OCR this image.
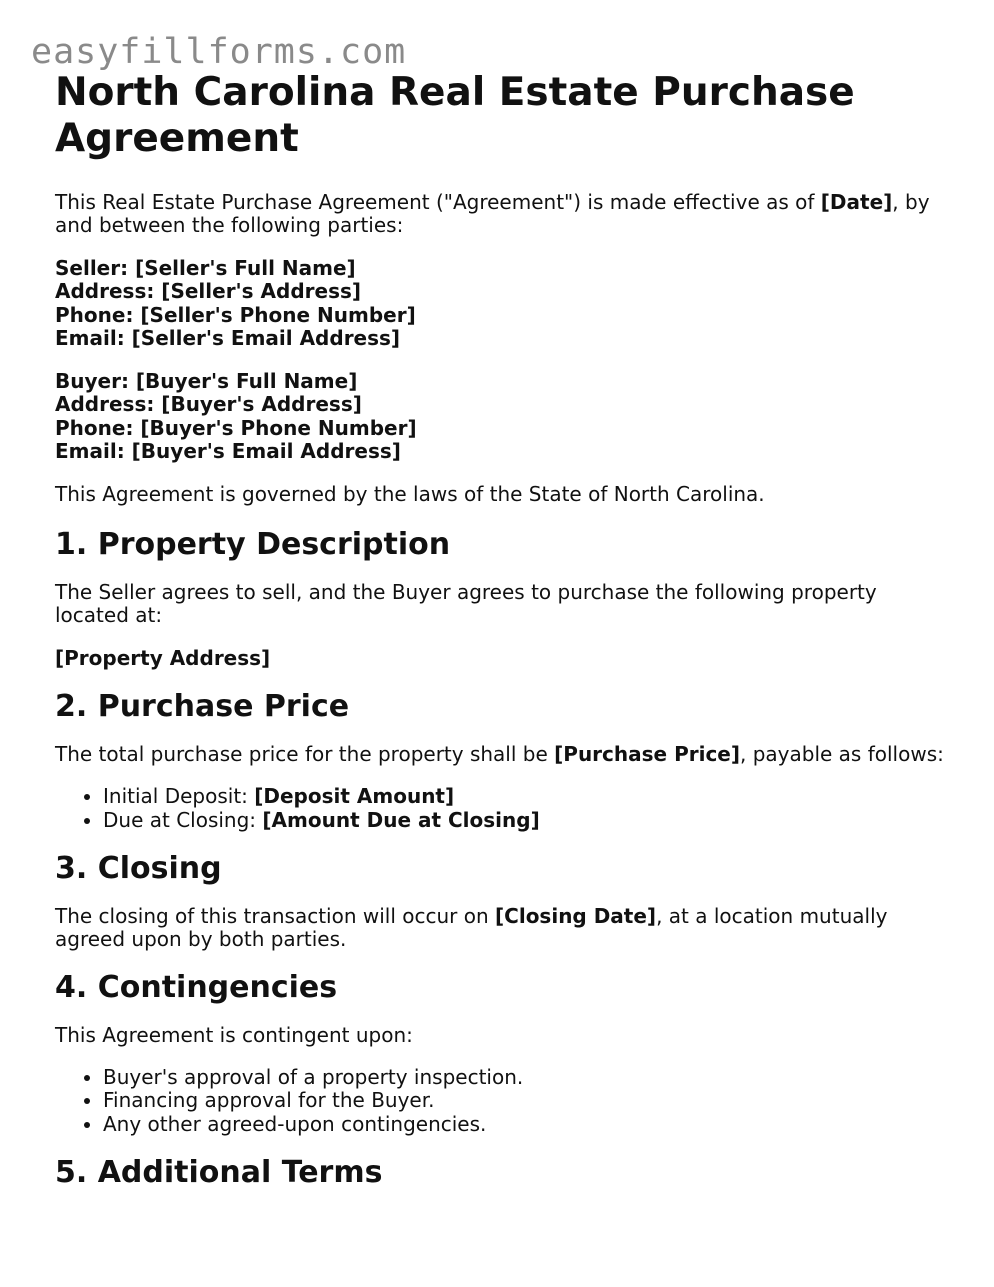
easyfillforms.com
North Carolina Real Estate Purchase Agreement

This Real Estate Purchase Agreement ("Agreement") is made effective as of [Date], by and between the following parties:

Seller: [Seller's Full Name]
Address: [Seller's Address]
Phone: [Seller's Phone Number]
Email: [Seller's Email Address]
Buyer: [Buyer's Full Name]
Address: [Buyer's Address]
Phone: [Buyer's Phone Number]
Email: [Buyer's Email Address]

This Agreement is governed by the laws of the State of North Carolina.

1. Property Description

The Seller agrees to sell, and the Buyer agrees to purchase the following property located at:

[Property Address]

2. Purchase Price

The total purchase price for the property shall be [Purchase Price], payable as follows:

• Initial Deposit: [Deposit Amount]
• Due at Closing: [Amount Due at Closing]
3. Closing

The closing of this transaction will occur on [Closing Date], at a location mutually agreed upon by both parties.

4. Contingencies

This Agreement is contingent upon:

• Buyer's approval of a property inspection.
• Financing approval for the Buyer.
• Any other agreed-upon contingencies.
5. Additional Terms
